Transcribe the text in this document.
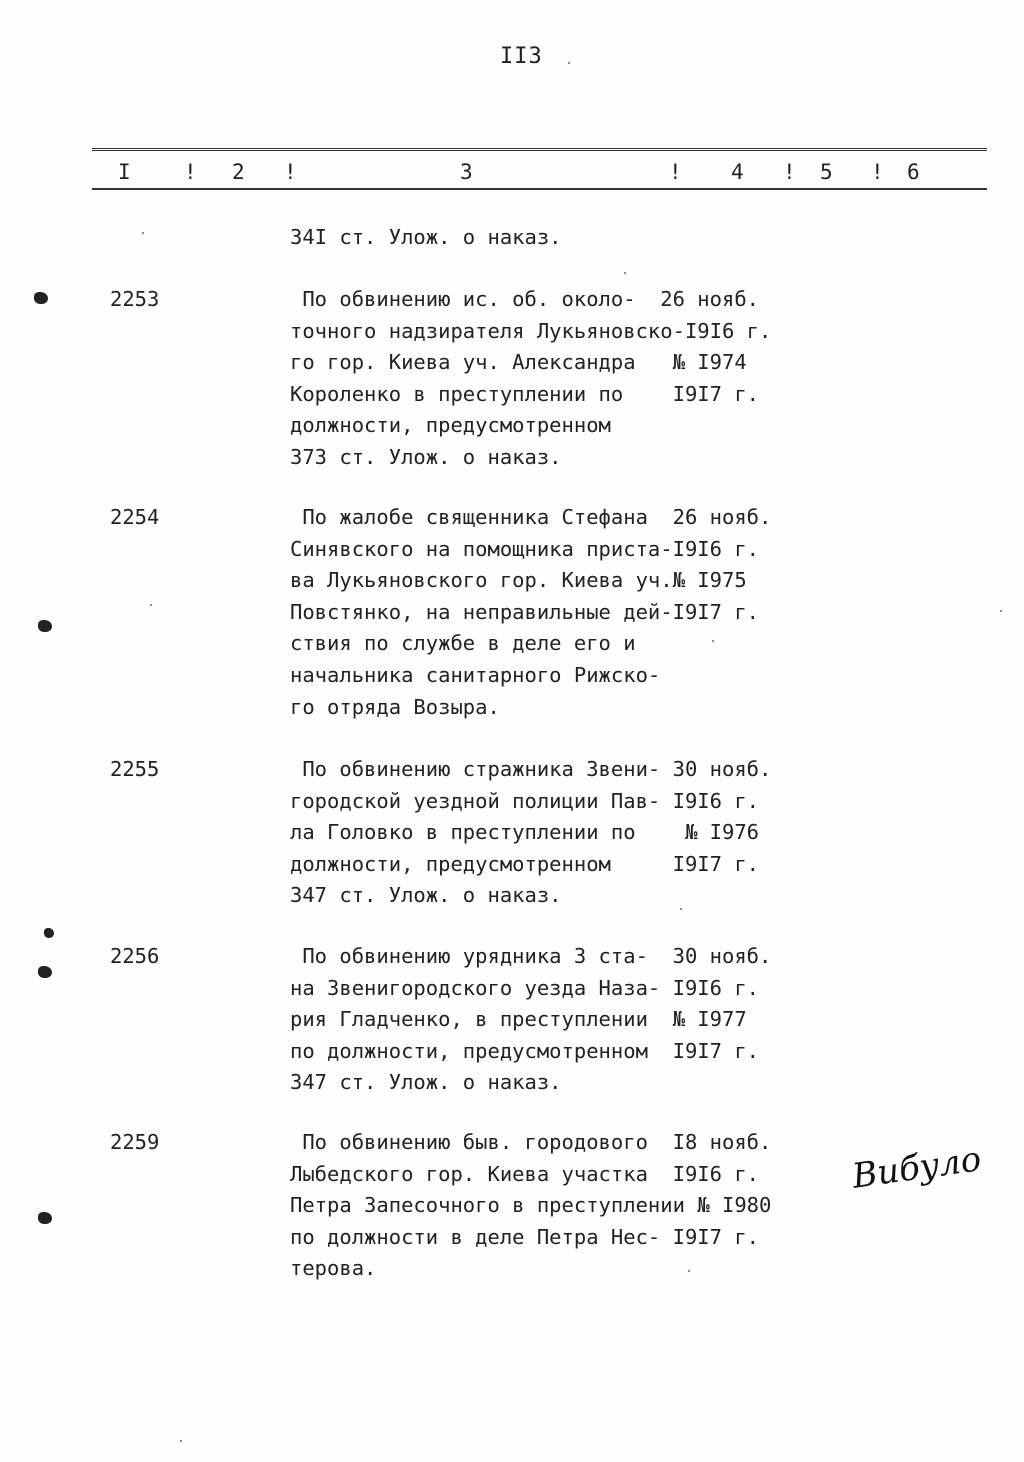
II3
I	! 2 !	3	! 4 ! 5 ! 6
34I ст. Улож. о наказ.
2253	По обвинению ис. об. около-  26 нояб.
точного надзирателя Лукьяновско-I9I6 г.
го гор. Киева уч. Александра   № I974
Короленко в преступлении по    I9I7 г.
должности, предусмотренном
373 ст. Улож. о наказ.
2254	По жалобе священника Стефана  26 нояб.
Синявского на помощника приста-I9I6 г.
ва Лукьяновского гор. Киева уч.№ I975
Повстянко, на неправильные дей-I9I7 г.
ствия по службе в деле его и
начальника санитарного Рижско-
го отряда Возыра.
2255	По обвинению стражника Звени- 30 нояб.
городской уездной полиции Пав- I9I6 г.
ла Головко в преступлении по    № I976
должности, предусмотренном     I9I7 г.
347 ст. Улож. о наказ.
2256	По обвинению урядника 3 ста-  30 нояб.
на Звенигородского уезда Наза- I9I6 г.
рия Гладченко, в преступлении  № I977
по должности, предусмотренном  I9I7 г.
347 ст. Улож. о наказ.
2259	По обвинению быв. городового  I8 нояб.
Лыбедского гор. Киева участка  I9I6 г.
Петра Запесочного в преступлении № I980
по должности в деле Петра Нес- I9I7 г.
терова.
Вибуло
